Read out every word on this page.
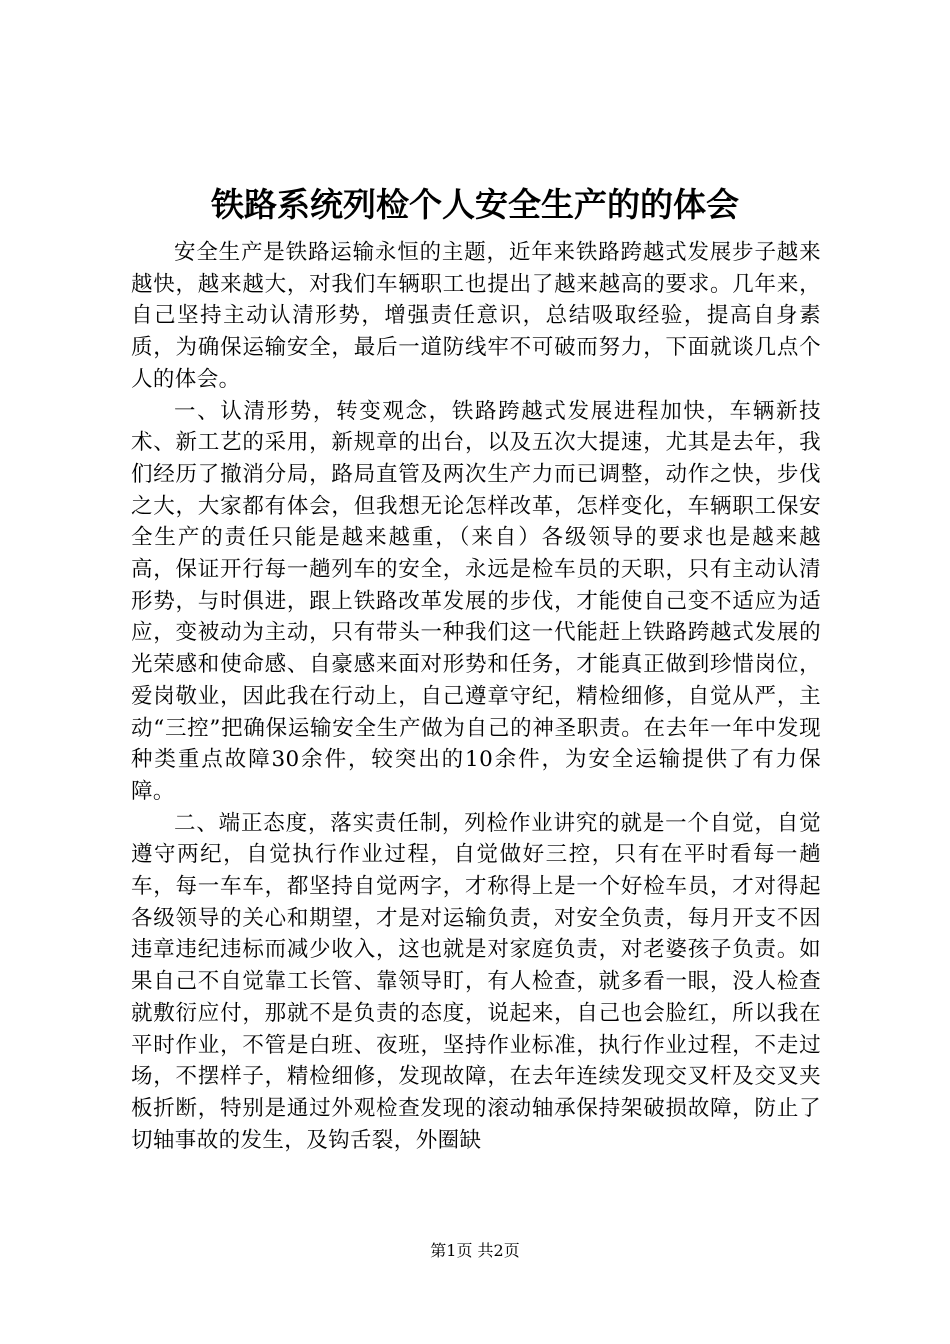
铁路系统列检个人安全生产的的体会

安全生产是铁路运输永恒的主题，近年来铁路跨越式发展步子越来越快，越来越大，对我们车辆职工也提出了越来越高的要求。几年来，自己坚持主动认清形势，增强责任意识，总结吸取经验，提高自身素质，为确保运输安全，最后一道防线牢不可破而努力，下面就谈几点个人的体会。

一、认清形势，转变观念，铁路跨越式发展进程加快，车辆新技术、新工艺的采用，新规章的出台，以及五次大提速，尤其是去年，我们经历了撤消分局，路局直管及两次生产力而已调整，动作之快，步伐之大，大家都有体会，但我想无论怎样改革，怎样变化，车辆职工保安全生产的责任只能是越来越重，（来自）各级领导的要求也是越来越高，保证开行每一趟列车的安全，永远是检车员的天职，只有主动认清形势，与时俱进，跟上铁路改革发展的步伐，才能使自己变不适应为适应，变被动为主动，只有带头一种我们这一代能赶上铁路跨越式发展的光荣感和使命感、自豪感来面对形势和任务，才能真正做到珍惜岗位，爱岗敬业，因此我在行动上，自己遵章守纪，精检细修，自觉从严，主动“三控”把确保运输安全生产做为自己的神圣职责。在去年一年中发现种类重点故障30余件，较突出的10余件，为安全运输提供了有力保障。

二、端正态度，落实责任制，列检作业讲究的就是一个自觉，自觉遵守两纪，自觉执行作业过程，自觉做好三控，只有在平时看每一趟车，每一车车，都坚持自觉两字，才称得上是一个好检车员，才对得起各级领导的关心和期望，才是对运输负责，对安全负责，每月开支不因违章违纪违标而减少收入，这也就是对家庭负责，对老婆孩子负责。如果自己不自觉靠工长管、靠领导盯，有人检查，就多看一眼，没人检查就敷衍应付，那就不是负责的态度，说起来，自己也会脸红，所以我在平时作业，不管是白班、夜班，坚持作业标准，执行作业过程，不走过场，不摆样子，精检细修，发现故障，在去年连续发现交叉杆及交叉夹板折断，特别是通过外观检查发现的滚动轴承保持架破损故障，防止了切轴事故的发生，及钩舌裂，外圈缺

第1页 共2页
